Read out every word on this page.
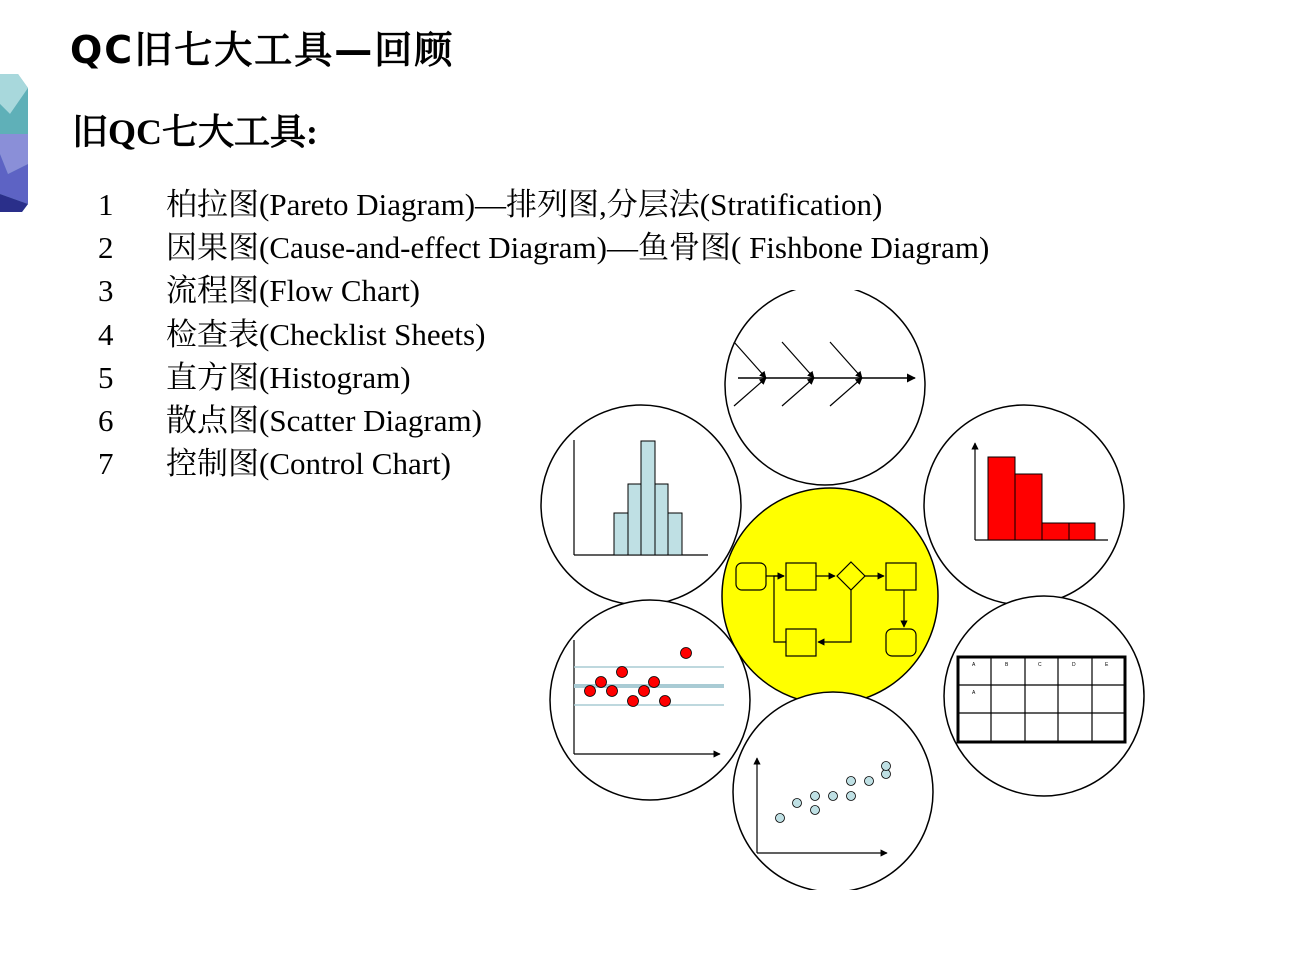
QC旧七大工具—回顾
旧QC七大工具:
1	柏拉图(Pareto Diagram)—排列图,分层法(Stratification)
2	因果图(Cause-and-effect Diagram)—鱼骨图( Fishbone Diagram)
3	流程图(Flow Chart)
4	检查表(Checklist Sheets)
5	直方图(Histogram)
6	散点图(Scatter Diagram)
7	控制图(Control Chart)
A	B	C	D	E
A
